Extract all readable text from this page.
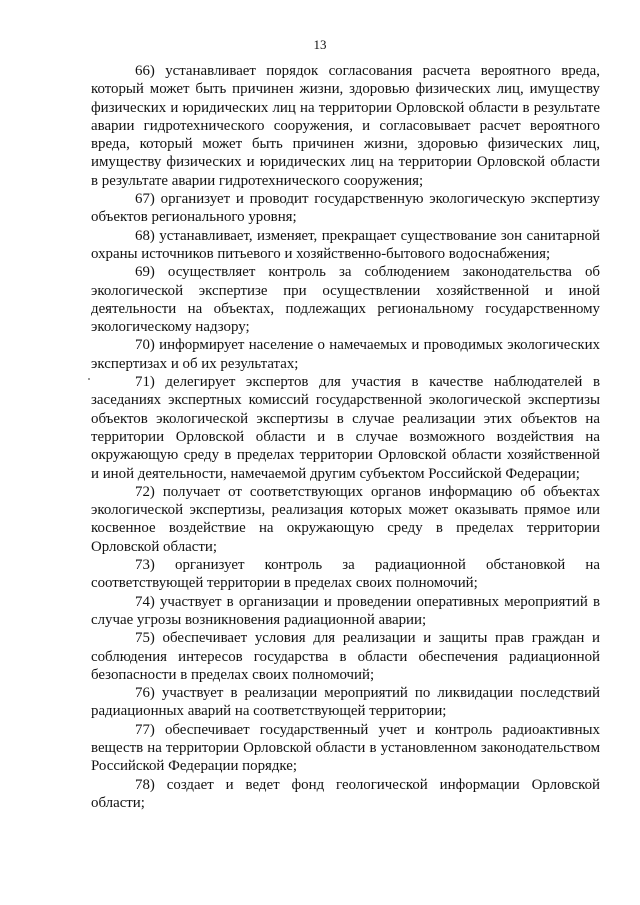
13

66) устанавливает порядок согласования расчета вероятного вреда, который может быть причинен жизни, здоровью физических лиц, имуществу физических и юридических лиц на территории Орловской области в результате аварии гидротехнического сооружения, и согласовывает расчет вероятного вреда, который может быть причинен жизни, здоровью физических лиц, имуществу физических и юридических лиц на территории Орловской области в результате аварии гидротехнического сооружения;

67) организует и проводит государственную экологическую экспертизу объектов регионального уровня;

68) устанавливает, изменяет, прекращает существование зон санитарной охраны источников питьевого и хозяйственно-бытового водоснабжения;

69) осуществляет контроль за соблюдением законодательства об экологической экспертизе при осуществлении хозяйственной и иной деятельности на объектах, подлежащих региональному государственному экологическому надзору;

70) информирует население о намечаемых и проводимых экологических экспертизах и об их результатах;

71) делегирует экспертов для участия в качестве наблюдателей в заседаниях экспертных комиссий государственной экологической экспертизы объектов экологической экспертизы в случае реализации этих объектов на территории Орловской области и в случае возможного воздействия на окружающую среду в пределах территории Орловской области хозяйственной и иной деятельности, намечаемой другим субъектом Российской Федерации;

72) получает от соответствующих органов информацию об объектах экологической экспертизы, реализация которых может оказывать прямое или косвенное воздействие на окружающую среду в пределах территории Орловской области;

73) организует контроль за радиационной обстановкой на соответствующей территории в пределах своих полномочий;

74) участвует в организации и проведении оперативных мероприятий в случае угрозы возникновения радиационной аварии;

75) обеспечивает условия для реализации и защиты прав граждан и соблюдения интересов государства в области обеспечения радиационной безопасности в пределах своих полномочий;

76) участвует в реализации мероприятий по ликвидации последствий радиационных аварий на соответствующей территории;

77) обеспечивает государственный учет и контроль радиоактивных веществ на территории Орловской области в установленном законодательством Российской Федерации порядке;

78) создает и ведет фонд геологической информации Орловской области;
